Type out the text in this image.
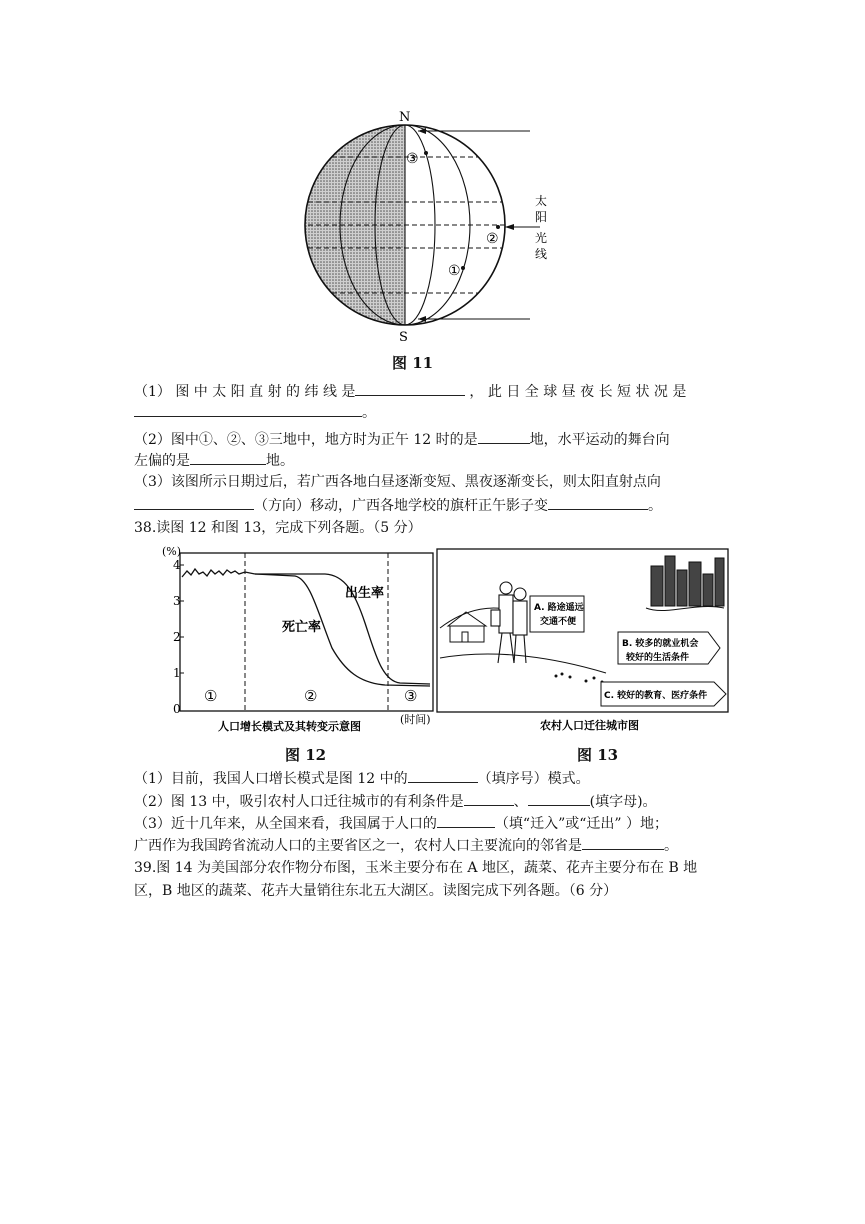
N
S
③
②
①
太
阳
光
线
图 11
（1） 图 中 太 阳 直 射 的 纬 线 是	， 此 日 全 球 昼 夜 长 短 状 况 是
。
（2）图中①、②、③三地中，地方时为正午 12 时的是	地，水平运动的舞台向
左偏的是	地。
（3）该图所示日期过后，若广西各地白昼逐渐变短、黑夜逐渐变长，则太阳直射点向
（方向）移动，广西各地学校的旗杆正午影子变	。
38.读图 12 和图 13，完成下列各题。（5 分）
(%)
4
3
2
1
0
出生率
死亡率
①	②	③
(时间)
人口增长模式及其转变示意图
图 12
A. 路途遥远
交通不便
B. 较多的就业机会
较好的生活条件
C. 较好的教育、医疗条件
农村人口迁往城市图
图 13
（1）目前，我国人口增长模式是图 12 中的	（填序号）模式。
（2）图 13 中，吸引农村人口迁往城市的有利条件是	、	(填字母)。
（3）近十几年来，从全国来看，我国属于人口的	（填“迁入”或“迁出” ）地；
广西作为我国跨省流动人口的主要省区之一，农村人口主要流向的邻省是	。
39.图 14 为美国部分农作物分布图，玉米主要分布在 A 地区，蔬菜、花卉主要分布在 B 地
区，B 地区的蔬菜、花卉大量销往东北五大湖区。读图完成下列各题。（6 分）
